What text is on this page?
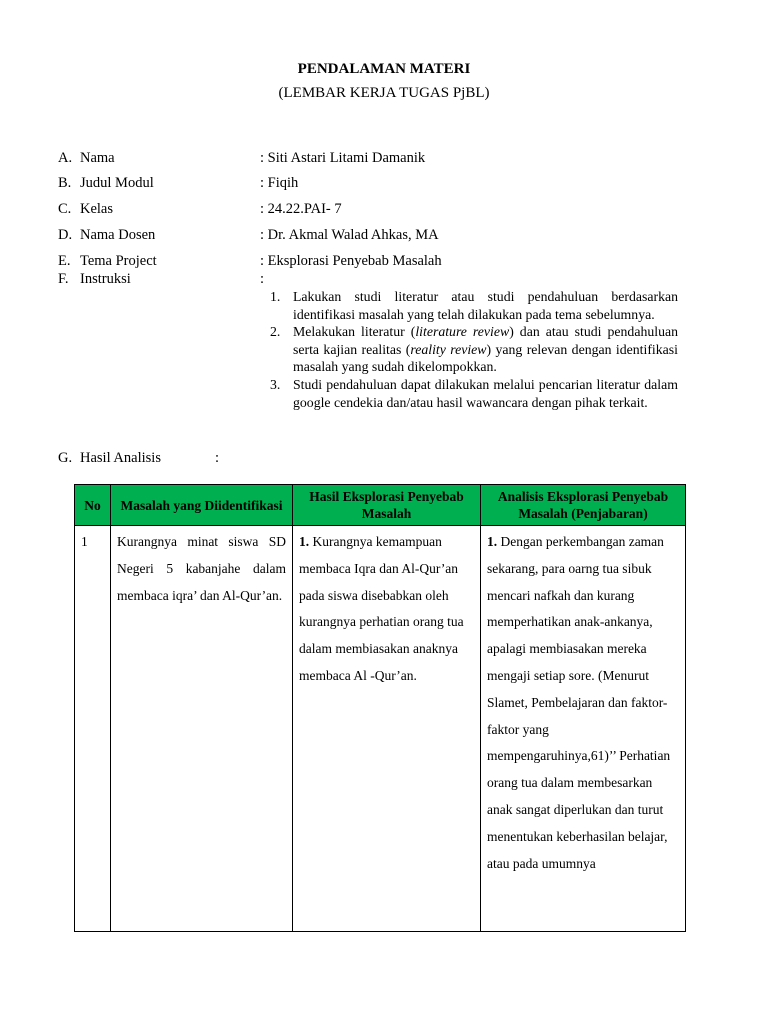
PENDALAMAN MATERI
(LEMBAR KERJA TUGAS PjBL)
A. Nama	: Siti Astari Litami Damanik
B. Judul Modul	: Fiqih
C. Kelas	: 24.22.PAI- 7
D. Nama Dosen	: Dr. Akmal Walad Ahkas, MA
E. Tema Project	: Eksplorasi Penyebab Masalah
F. Instruksi	:
1. Lakukan studi literatur atau studi pendahuluan berdasarkan identifikasi masalah yang telah dilakukan pada tema sebelumnya.
2. Melakukan literatur (literature review) dan atau studi pendahuluan serta kajian realitas (reality review) yang relevan dengan identifikasi masalah yang sudah dikelompokkan.
3. Studi pendahuluan dapat dilakukan melalui pencarian literatur dalam google cendekia dan/atau hasil wawancara dengan pihak terkait.
G. Hasil Analisis	:
No	Masalah yang Diidentifikasi	Hasil Eksplorasi Penyebab Masalah	Analisis Eksplorasi Penyebab Masalah (Penjabaran)
1	Kurangnya minat siswa SD Negeri 5 kabanjahe dalam membaca iqra’ dan Al-Qur’an.	1. Kurangnya kemampuan membaca Iqra dan Al-Qur’an pada siswa disebabkan oleh kurangnya perhatian orang tua dalam membiasakan anaknya membaca Al -Qur’an.	1. Dengan perkembangan zaman sekarang, para oarng tua sibuk mencari nafkah dan kurang memperhatikan anak-ankanya, apalagi membiasakan mereka mengaji setiap sore. (Menurut Slamet, Pembelajaran dan faktor-faktor yang mempengaruhinya,61)’’ Perhatian orang tua dalam membesarkan anak sangat diperlukan dan turut menentukan keberhasilan belajar, atau pada umumnya
